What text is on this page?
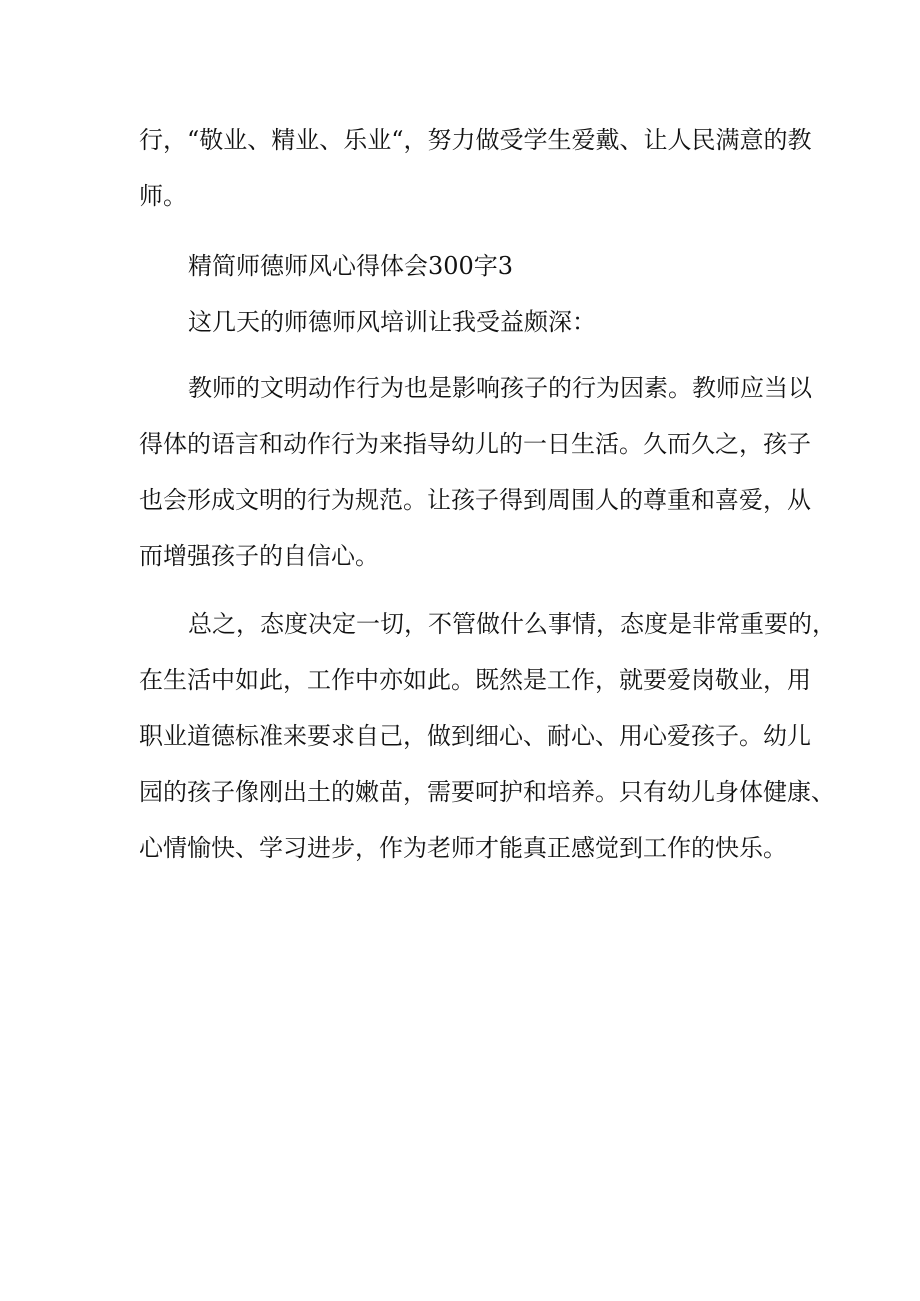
行，“敬业、精业、乐业“，努力做受学生爱戴、让人民满意的教
师。
精简师德师风心得体会300字3
这几天的师德师风培训让我受益颇深：
教师的文明动作行为也是影响孩子的行为因素。教师应当以
得体的语言和动作行为来指导幼儿的一日生活。久而久之，孩子
也会形成文明的行为规范。让孩子得到周围人的尊重和喜爱，从
而增强孩子的自信心。
总之，态度决定一切，不管做什么事情，态度是非常重要的，
在生活中如此，工作中亦如此。既然是工作，就要爱岗敬业，用
职业道德标准来要求自己，做到细心、耐心、用心爱孩子。幼儿
园的孩子像刚出土的嫩苗，需要呵护和培养。只有幼儿身体健康、
心情愉快、学习进步，作为老师才能真正感觉到工作的快乐。
